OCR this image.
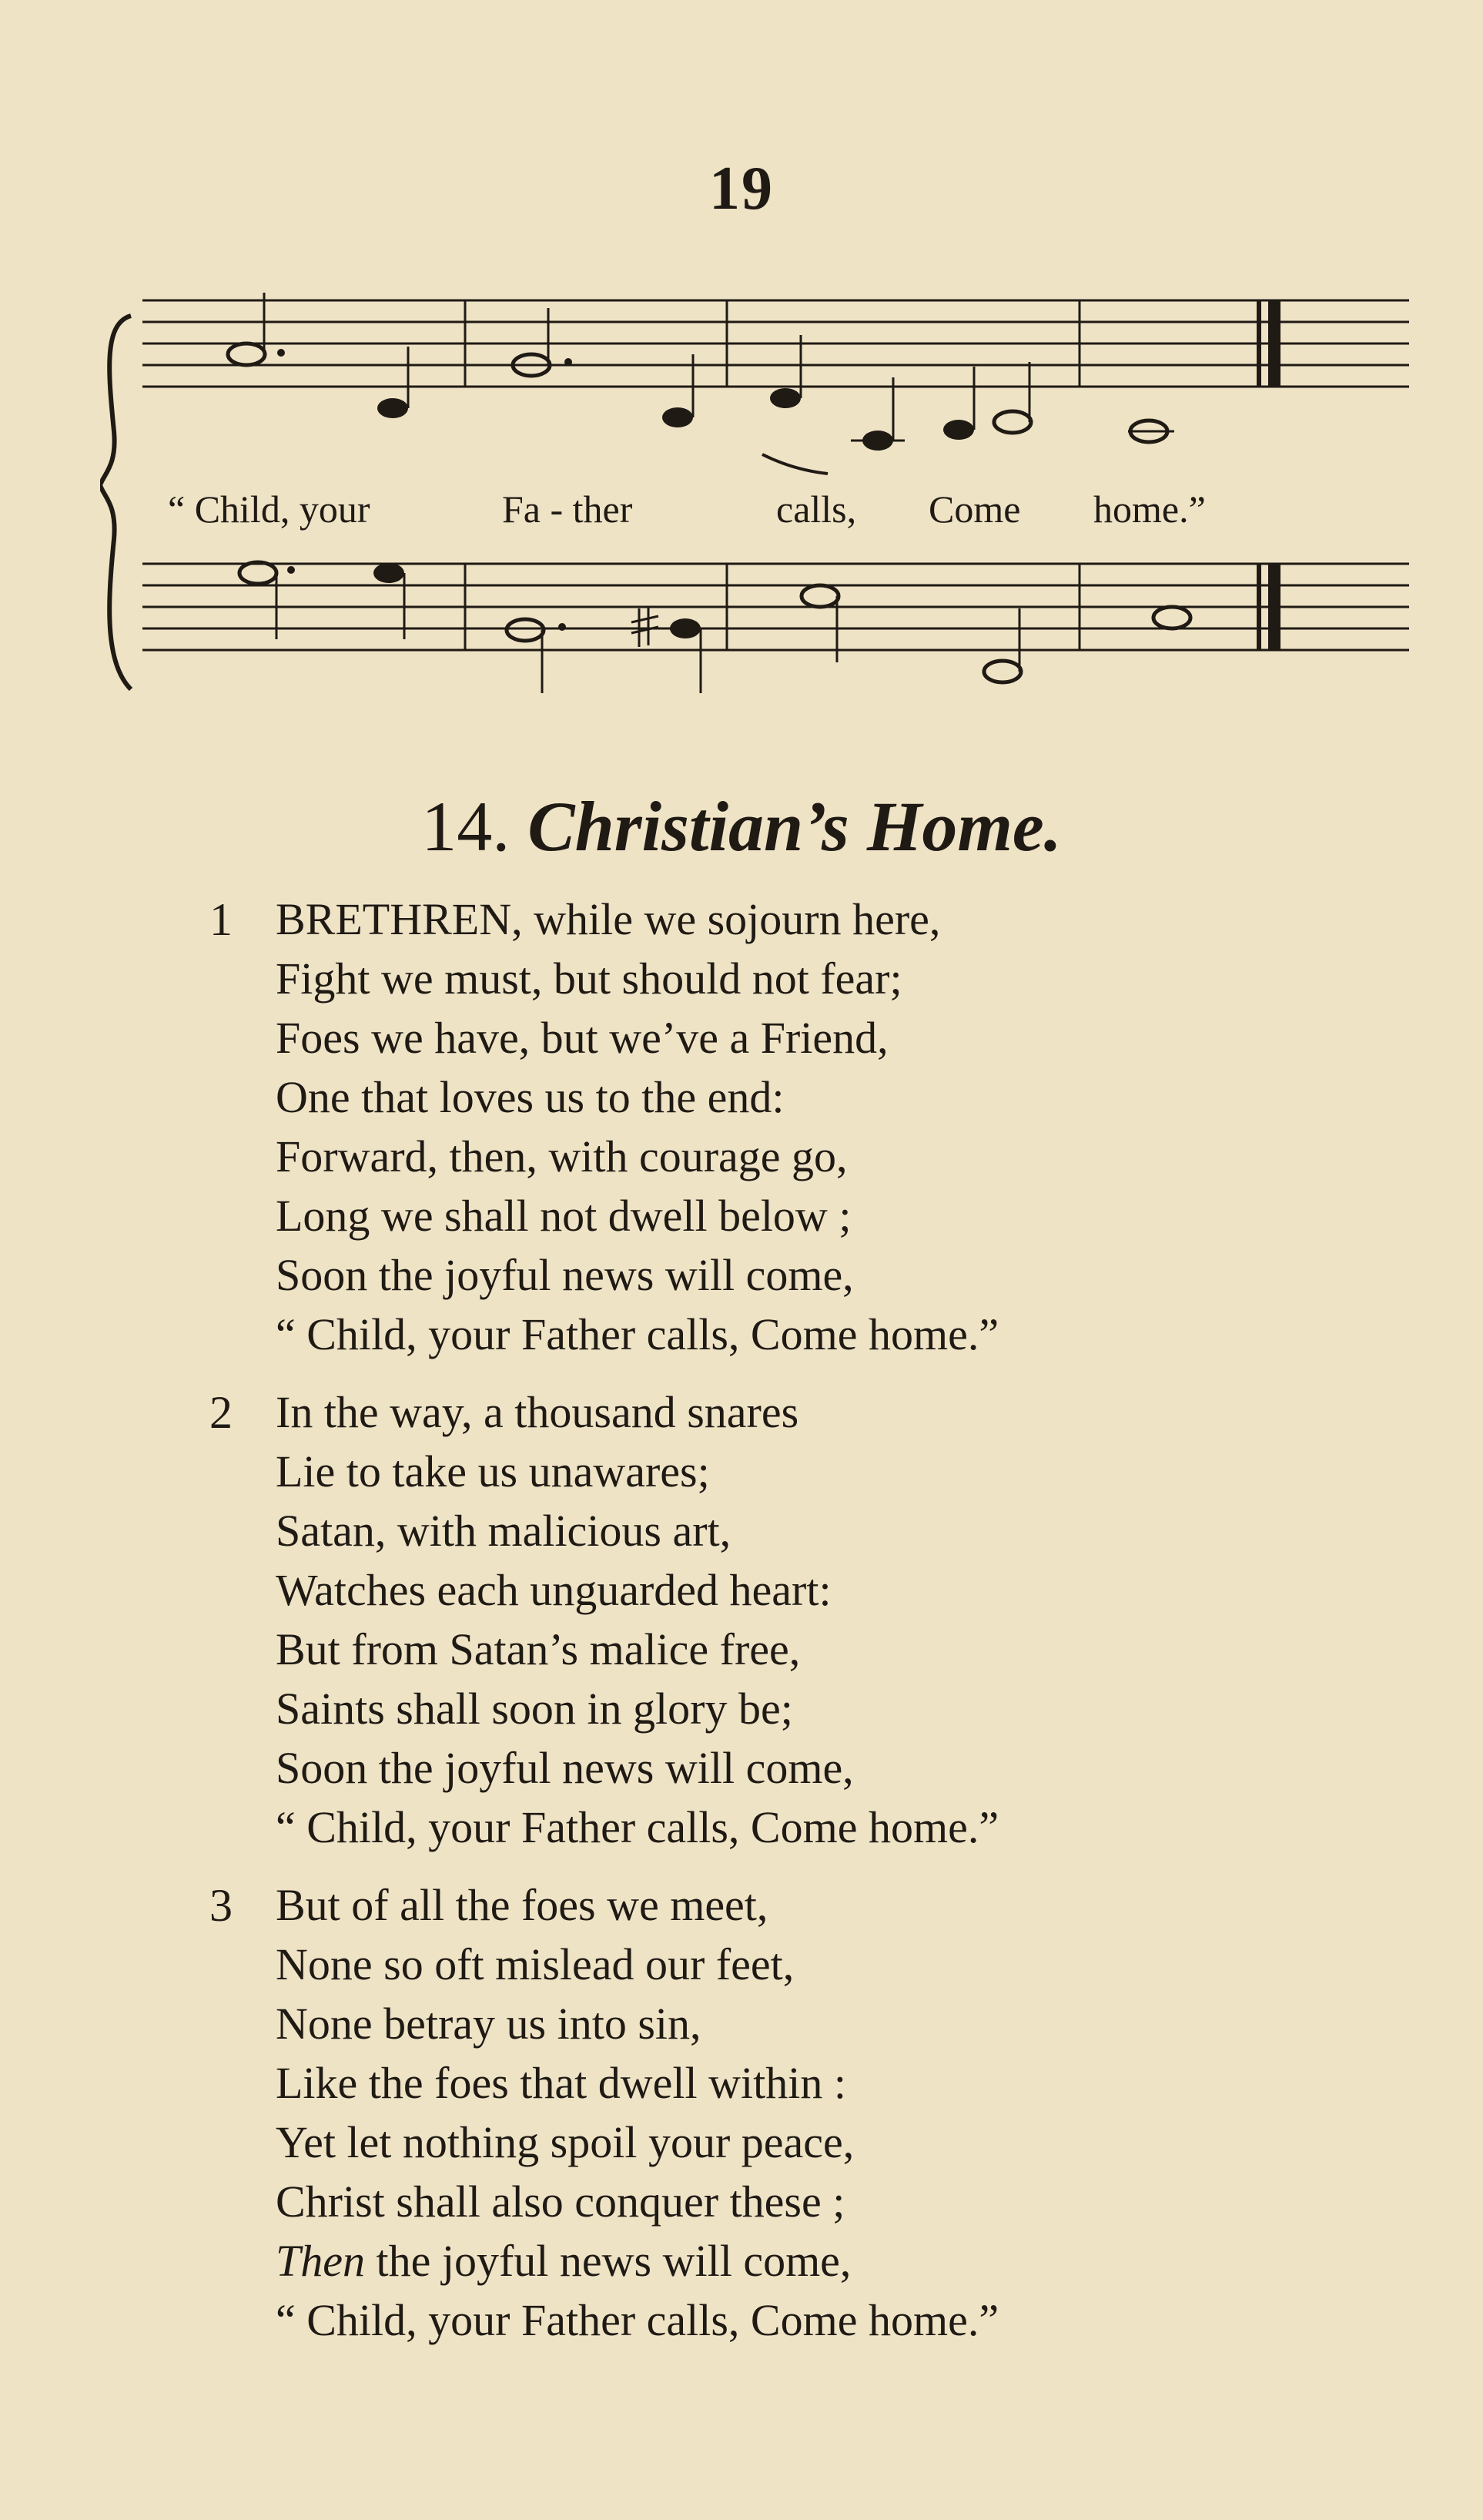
19
“ Child, your	Fa - ther	calls, Come home.”
14. Christian’s Home.
1 BRETHREN, while we sojourn here,
Fight we must, but should not fear;
Foes we have, but we’ve a Friend,
One that loves us to the end:
Forward, then, with courage go,
Long we shall not dwell below ;
Soon the joyful news will come,
“ Child, your Father calls, Come home.”
2 In the way, a thousand snares
Lie to take us unawares;
Satan, with malicious art,
Watches each unguarded heart:
But from Satan’s malice free,
Saints shall soon in glory be;
Soon the joyful news will come,
“ Child, your Father calls, Come home.”
3 But of all the foes we meet,
None so oft mislead our feet,
None betray us into sin,
Like the foes that dwell within :
Yet let nothing spoil your peace,
Christ shall also conquer these ;
Then the joyful news will come,
“ Child, your Father calls, Come home.”
